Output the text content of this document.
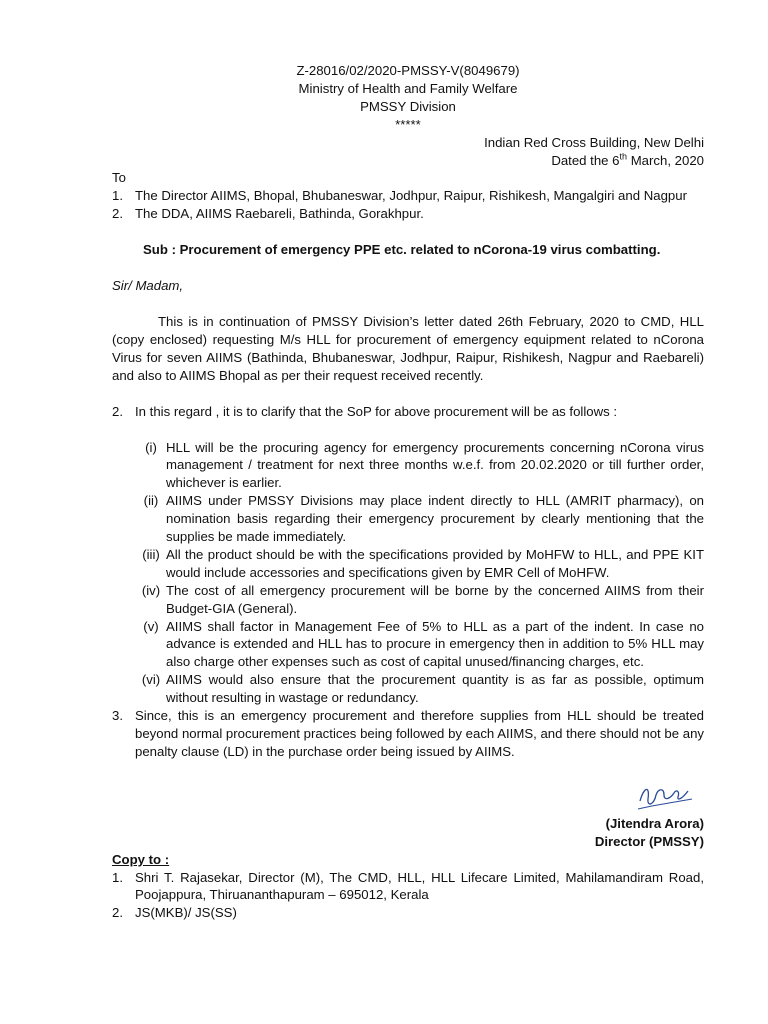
Z-28016/02/2020-PMSSY-V(8049679)
Ministry of Health and Family Welfare
PMSSY Division
*****
Indian Red Cross Building, New Delhi
Dated the 6th March, 2020
To
1. The Director AIIMS, Bhopal, Bhubaneswar, Jodhpur, Raipur, Rishikesh, Mangalgiri and Nagpur
2. The DDA, AIIMS Raebareli, Bathinda, Gorakhpur.
Sub : Procurement of emergency PPE etc. related to nCorona-19 virus combatting.
Sir/ Madam,
This is in continuation of PMSSY Division’s letter dated 26th February, 2020 to CMD, HLL (copy enclosed) requesting M/s HLL for procurement of emergency equipment related to nCorona Virus for seven AIIMS (Bathinda, Bhubaneswar, Jodhpur, Raipur, Rishikesh, Nagpur and Raebareli) and also to AIIMS Bhopal as per their request received recently.
2. In this regard , it is to clarify that the SoP for above procurement will be as follows :
(i) HLL will be the procuring agency for emergency procurements concerning nCorona virus management / treatment for next three months w.e.f. from 20.02.2020 or till further order, whichever is earlier.
(ii) AIIMS under PMSSY Divisions may place indent directly to HLL (AMRIT pharmacy), on nomination basis regarding their emergency procurement by clearly mentioning that the supplies be made immediately.
(iii) All the product should be with the specifications provided by MoHFW to HLL, and PPE KIT would include accessories and specifications given by EMR Cell of MoHFW.
(iv) The cost of all emergency procurement will be borne by the concerned AIIMS from their Budget-GIA (General).
(v) AIIMS shall factor in Management Fee of 5% to HLL as a part of the indent. In case no advance is extended and HLL has to procure in emergency then in addition to 5% HLL may also charge other expenses such as cost of capital unused/financing charges, etc.
(vi) AIIMS would also ensure that the procurement quantity is as far as possible, optimum without resulting in wastage or redundancy.
3. Since, this is an emergency procurement and therefore supplies from HLL should be treated beyond normal procurement practices being followed by each AIIMS, and there should not be any penalty clause (LD) in the purchase order being issued by AIIMS.
(Jitendra Arora)
Director (PMSSY)
Copy to :
1. Shri T. Rajasekar, Director (M), The CMD, HLL, HLL Lifecare Limited, Mahilamandiram Road, Poojappura, Thiruananthapuram – 695012, Kerala
2. JS(MKB)/ JS(SS)
